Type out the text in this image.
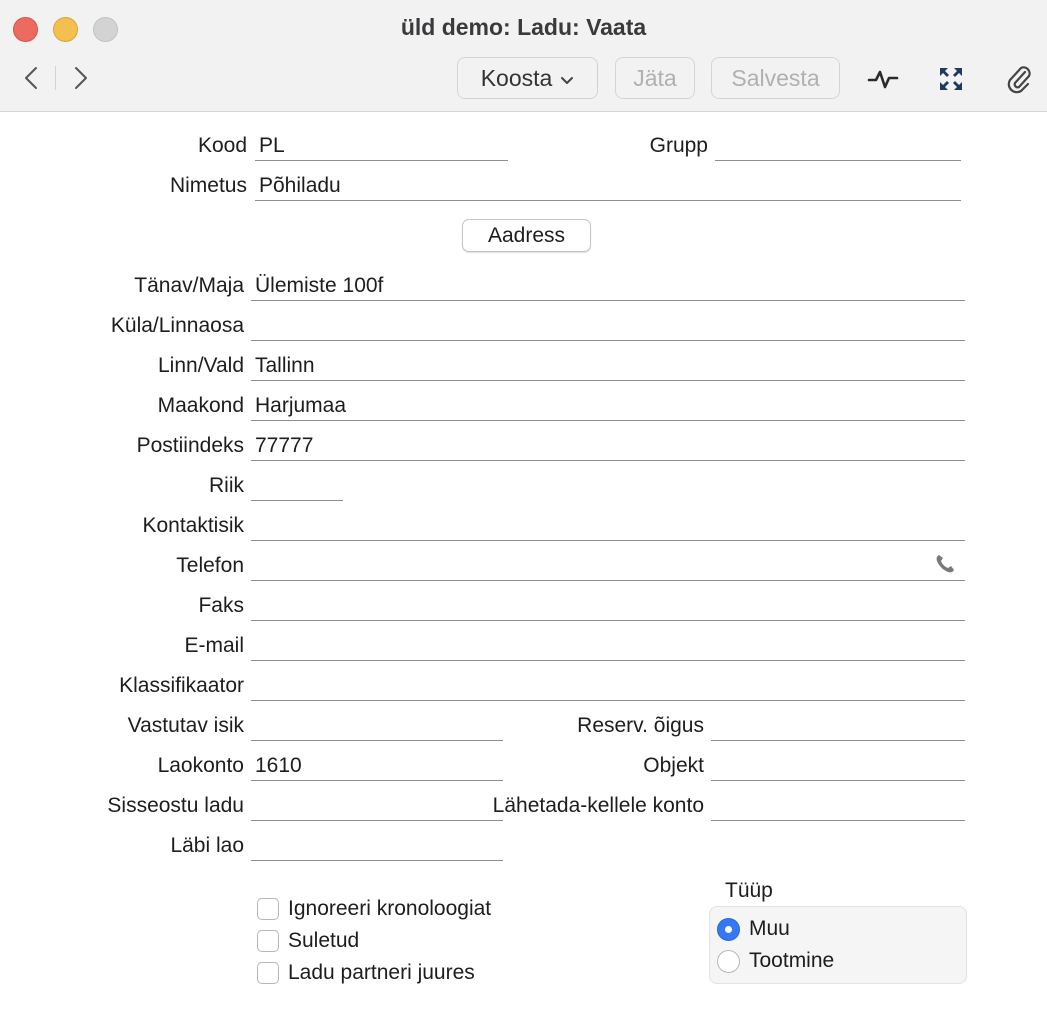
üld demo: Ladu: Vaata
Koosta	Jäta	Salvesta
Kood PL	Grupp
Nimetus Põhiladu
Aadress
Tänav/Maja Ülemiste 100f
Küla/Linnaosa
Linn/Vald Tallinn
Maakond Harjumaa
Postiindeks 77777
Riik
Kontaktisik
Telefon
Faks
E-mail
Klassifikaator
Vastutav isik	Reserv. õigus
Laokonto 1610	Objekt
Sisseostu ladu	Lähetada-kellele konto
Läbi lao
Ignoreeri kronoloogiat
Suletud
Ladu partneri juures
Tüüp
Muu
Tootmine
